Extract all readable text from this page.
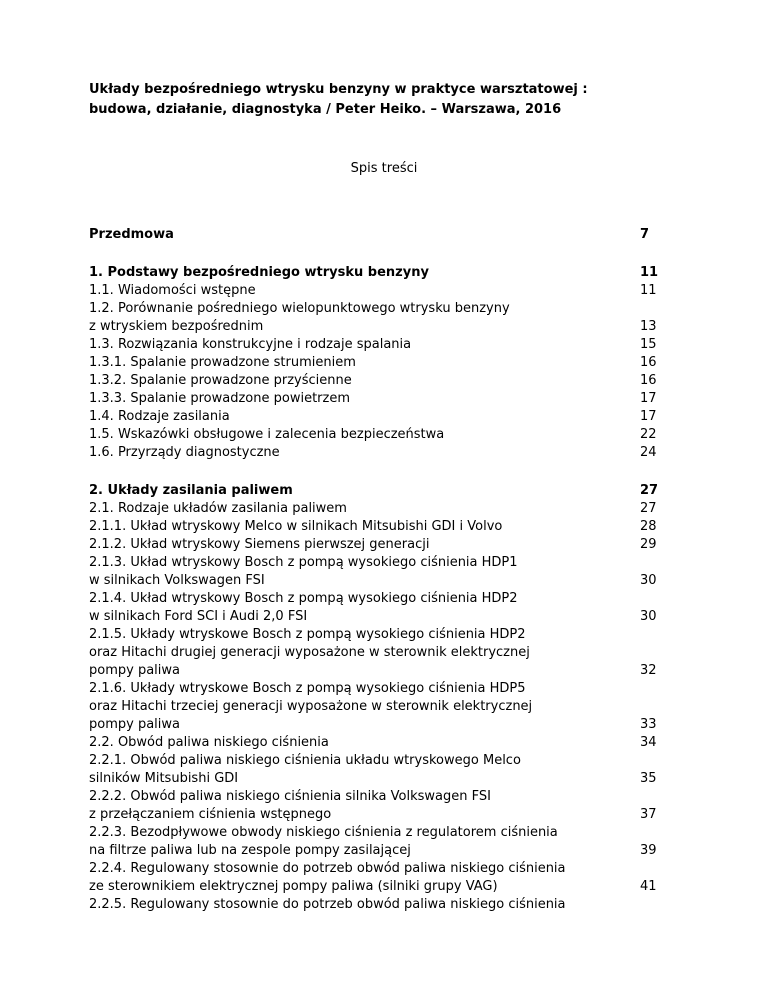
Układy bezpośredniego wtrysku benzyny w praktyce warsztatowej :
budowa, działanie, diagnostyka / Peter Heiko. – Warszawa, 2016

Spis treści

Przedmowa	7
1. Podstawy bezpośredniego wtrysku benzyny	11
1.1. Wiadomości wstępne	11
1.2. Porównanie pośredniego wielopunktowego wtrysku benzyny
z wtryskiem bezpośrednim	13
1.3. Rozwiązania konstrukcyjne i rodzaje spalania	15
1.3.1. Spalanie prowadzone strumieniem	16
1.3.2. Spalanie prowadzone przyścienne	16
1.3.3. Spalanie prowadzone powietrzem	17
1.4. Rodzaje zasilania	17
1.5. Wskazówki obsługowe i zalecenia bezpieczeństwa	22
1.6. Przyrządy diagnostyczne	24
2. Układy zasilania paliwem	27
2.1. Rodzaje układów zasilania paliwem	27
2.1.1. Układ wtryskowy Melco w silnikach Mitsubishi GDI i Volvo	28
2.1.2. Układ wtryskowy Siemens pierwszej generacji	29
2.1.3. Układ wtryskowy Bosch z pompą wysokiego ciśnienia HDP1
w silnikach Volkswagen FSI	30
2.1.4. Układ wtryskowy Bosch z pompą wysokiego ciśnienia HDP2
w silnikach Ford SCI i Audi 2,0 FSI	30
2.1.5. Układy wtryskowe Bosch z pompą wysokiego ciśnienia HDP2
oraz Hitachi drugiej generacji wyposażone w sterownik elektrycznej
pompy paliwa	32
2.1.6. Układy wtryskowe Bosch z pompą wysokiego ciśnienia HDP5
oraz Hitachi trzeciej generacji wyposażone w sterownik elektrycznej
pompy paliwa	33
2.2. Obwód paliwa niskiego ciśnienia	34
2.2.1. Obwód paliwa niskiego ciśnienia układu wtryskowego Melco
silników Mitsubishi GDI	35
2.2.2. Obwód paliwa niskiego ciśnienia silnika Volkswagen FSI
z przełączaniem ciśnienia wstępnego	37
2.2.3. Bezodpływowe obwody niskiego ciśnienia z regulatorem ciśnienia
na filtrze paliwa lub na zespole pompy zasilającej	39
2.2.4. Regulowany stosownie do potrzeb obwód paliwa niskiego ciśnienia
ze sterownikiem elektrycznej pompy paliwa (silniki grupy VAG)	41
2.2.5. Regulowany stosownie do potrzeb obwód paliwa niskiego ciśnienia
